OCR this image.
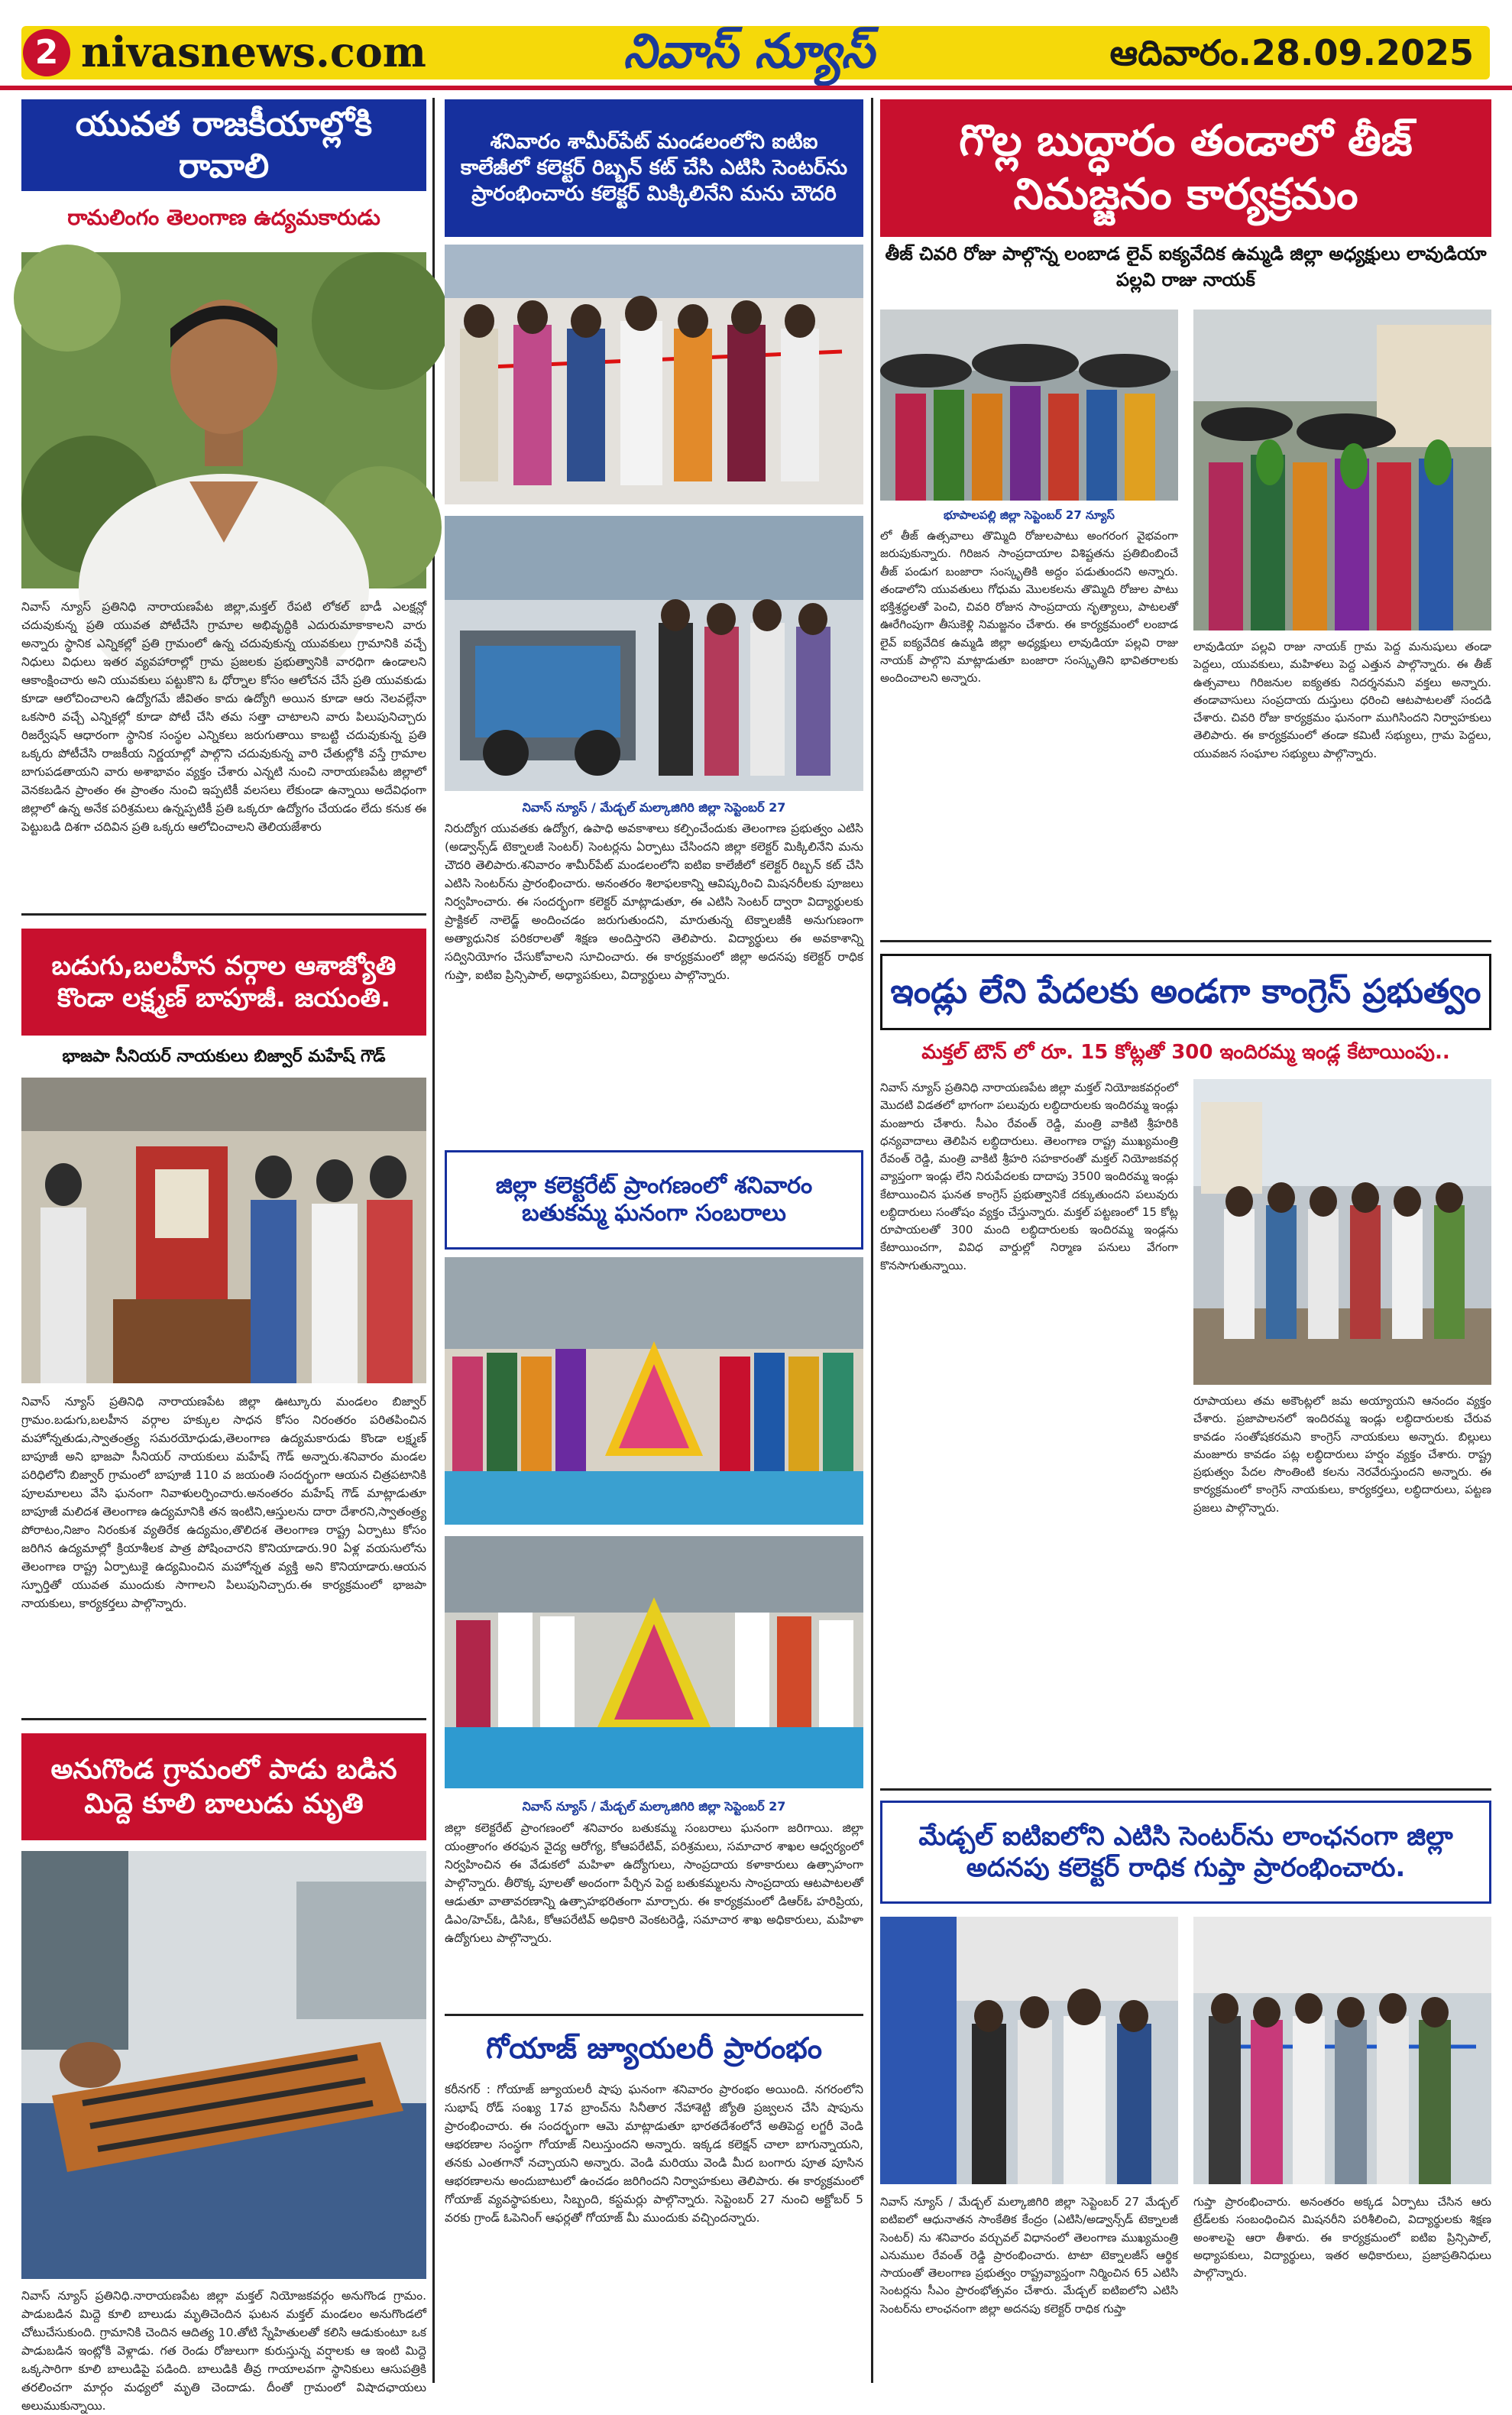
2 nivasnews.com	నివాస్ న్యూస్	ఆదివారం.28.09.2025
యువత రాజకీయాల్లోకి రావాలి
రామలింగం తెలంగాణ ఉద్యమకారుడు
నివాస్ న్యూస్ ప్రతినిధి నారాయణపేట జిల్లా,మక్తల్ రేపటి లోకల్ బాడీ ఎలక్షన్లో చదువుకున్న ప్రతి యువత పోటీచేసి గ్రామాల అభివృద్ధికి ఎదురుమాకాకాలని వారు అన్నారు స్థానిక ఎన్నికల్లో ప్రతి గ్రామంలో ఉన్న చదువుకున్న యువకులు గ్రామానికి వచ్చే నిధులు విధులు ఇతర వ్యవహారాల్లో గ్రామ ప్రజలకు ప్రభుత్వానికి వారధిగా ఉండాలని ఆకాంక్షించారు అని యువకులు పట్టుకొని ఓ ధోర్నాల కోసం ఆలోచన చేసే ప్రతి యువకుడు కూడా ఆలోచించాలని ఉద్యోగమే జీవితం కాదు ఉద్యోగి అయిన కూడా ఆరు నెలవల్లేనా ఒకసారి వచ్చే ఎన్నికల్లో కూడా పోటీ చేసి తమ సత్తా చాటాలని వారు పిలుపునిచ్చారు రిజర్వేషన్ ఆధారంగా స్థానిక సంస్థల ఎన్నికలు జరుగుతాయి కాబట్టి చదువుకున్న ప్రతి ఒక్కరు పోటీచేసి రాజకీయ నిర్ణయాల్లో పాల్గొని చదువుకున్న వారి చేతుల్లోకి వస్తే గ్రామాల బాగుపడతాయని వారు అశాభావం వ్యక్తం చేశారు ఎన్నటి నుంచి నారాయణపేట జిల్లాలో వెనకబడిన ప్రాంతం ఈ ప్రాంతం నుంచి ఇప్పటికీ వలసలు లేకుండా ఉన్నాయి అదేవిధంగా జిల్లాలో ఉన్న అనేక పరిశ్రమలు ఉన్నప్పటికీ ప్రతి ఒక్కరూ ఉద్యోగం చేయడం లేదు కనుక ఈ పెట్టుబడి దిశగా చదివిన ప్రతి ఒక్కరు ఆలోచించాలని తెలియజేశారు
బడుగు,బలహీన వర్గాల ఆశాజ్యోతి కొండా లక్ష్మణ్ బాపూజీ. జయంతి.
భాజపా సీనియర్ నాయకులు బిజ్వార్ మహేష్ గౌడ్
నివాస్ న్యూస్ ప్రతినిధి నారాయణపేట జిల్లా ఊట్కూరు మండలం బిజ్వార్ గ్రామం.బడుగు,బలహీన వర్గాల హక్కుల సాధన కోసం నిరంతరం పరితపించిన మహోన్నతుడు,స్వాతంత్ర్య సమరయోధుడు,తెలంగాణ ఉద్యమకారుడు కొండా లక్ష్మణ్ బాపూజీ అని భాజపా సీనియర్ నాయకులు మహేష్ గౌడ్ అన్నారు.శనివారం మండల పరిధిలోని బిజ్వార్ గ్రామంలో బాపూజీ 110 వ జయంతి సందర్భంగా ఆయన చిత్రపటానికి పూలమాలలు వేసి ఘనంగా నివాళులర్పించారు.అనంతరం మహేష్ గౌడ్ మాట్లాడుతూ బాపూజీ మలిదశ తెలంగాణ ఉద్యమానికి తన ఇంటిని,ఆస్తులను దారా దేశారని,స్వాతంత్ర్య పోరాటం,నిజాం నిరంకుశ వ్యతిరేక ఉద్యమం,తొలిదశ తెలంగాణ రాష్ట్ర ఏర్పాటు కోసం జరిగిన ఉద్యమాల్లో క్రియాశీలక పాత్ర పోషించారని కొనియాడారు.90 ఏళ్ల వయసులోను తెలంగాణ రాష్ట్ర ఏర్పాటుకై ఉద్యమించిన మహోన్నత వ్యక్తి అని కొనియాడారు.ఆయన స్ఫూర్తితో యువత ముందుకు సాగాలని పిలుపునిచ్చారు.ఈ కార్యక్రమంలో భాజపా నాయకులు, కార్యకర్తలు పాల్గొన్నారు.
అనుగొండ గ్రామంలో పాడు బడిన మిద్దె కూలి బాలుడు మృతి
నివాస్ న్యూస్ ప్రతినిధి.నారాయణపేట జిల్లా మక్తల్ నియోజకవర్గం అనుగొండ గ్రామం. పాడుబడిన మిద్దె కూలి బాలుడు మృతిచెందిన ఘటన మక్తల్ మండలం అనుగొండలో చోటుచేసుకుంది. గ్రామానికి చెందిన ఆదిత్య 10.తోటి స్నేహితులతో కలిసి ఆడుకుంటూ ఒక పాడుబడిన ఇంట్లోకి వెళ్లాడు. గత రెండు రోజులుగా కురుస్తున్న వర్షాలకు ఆ ఇంటి మిద్దె ఒక్కసారిగా కూలి బాలుడిపై పడింది. బాలుడికి తీవ్ర గాయాలవగా స్థానికులు ఆసుపత్రికి తరలించగా మార్గం మధ్యలో మృతి చెందాడు. దీంతో గ్రామంలో విషాదఛాయలు అలుముకున్నాయి.
శనివారం శామీర్‌పేట్ మండలంలోని ఐటిఐ కాలేజీలో కలెక్టర్ రిబ్బన్ కట్ చేసి ఎటిసి సెంటర్‌ను ప్రారంభించారు కలెక్టర్ మిక్కిలినేని మను చౌదరి
నివాస్ న్యూస్ / మేడ్చల్ మల్కాజిగిరి జిల్లా సెప్టెంబర్ 27
నిరుద్యోగ యువతకు ఉద్యోగ, ఉపాధి అవకాశాలు కల్పించేందుకు తెలంగాణ ప్రభుత్వం ఎటిసి (అడ్వాన్స్‌డ్ టెక్నాలజీ సెంటర్) సెంటర్లను ఏర్పాటు చేసిందని జిల్లా కలెక్టర్ మిక్కిలినేని మను చౌదరి తెలిపారు.శనివారం శామీర్‌పేట్ మండలంలోని ఐటిఐ కాలేజీలో కలెక్టర్ రిబ్బన్ కట్ చేసి ఎటిసి సెంటర్‌ను ప్రారంభించారు. అనంతరం శిలాఫలకాన్ని ఆవిష్కరించి మిషనరీలకు పూజలు నిర్వహించారు. ఈ సందర్భంగా కలెక్టర్ మాట్లాడుతూ, ఈ ఎటిసి సెంటర్ ద్వారా విద్యార్థులకు ప్రాక్టికల్ నాలెడ్జ్ అందించడం జరుగుతుందని, మారుతున్న టెక్నాలజీకి అనుగుణంగా అత్యాధునిక పరికరాలతో శిక్షణ అందిస్తారని తెలిపారు. విద్యార్థులు ఈ అవకాశాన్ని సద్వినియోగం చేసుకోవాలని సూచించారు. ఈ కార్యక్రమంలో జిల్లా అదనపు కలెక్టర్ రాధిక గుప్తా, ఐటిఐ ప్రిన్సిపాల్, అధ్యాపకులు, విద్యార్థులు పాల్గొన్నారు.
జిల్లా కలెక్టరేట్ ప్రాంగణంలో శనివారం బతుకమ్మ ఘనంగా సంబరాలు
నివాస్ న్యూస్ / మేడ్చల్ మల్కాజిగిరి జిల్లా సెప్టెంబర్ 27
జిల్లా కలెక్టరేట్ ప్రాంగణంలో శనివారం బతుకమ్మ సంబరాలు ఘనంగా జరిగాయి. జిల్లా యంత్రాంగం తరఫున వైద్య ఆరోగ్య, కోఆపరేటివ్, పరిశ్రమలు, సమాచార శాఖల ఆధ్వర్యంలో నిర్వహించిన ఈ వేడుకలో మహిళా ఉద్యోగులు, సాంప్రదాయ కళాకారులు ఉత్సాహంగా పాల్గొన్నారు. తీరొక్క పూలతో అందంగా పేర్చిన పెద్ద బతుకమ్మలను సాంప్రదాయ ఆటపాటలతో ఆడుతూ వాతావరణాన్ని ఉత్సాహభరితంగా మార్చారు. ఈ కార్యక్రమంలో డిఆర్ఓ హరిప్రియ, డిఎం/హెచ్ఓ, డిసిఓ, కోఆపరేటివ్ అధికారి వెంకటరెడ్డి, సమాచార శాఖ అధికారులు, మహిళా ఉద్యోగులు పాల్గొన్నారు.
గోయాజ్ జ్యూయలరీ ప్రారంభం
కరీనగర్ : గోయాజ్ జ్యూయలరీ షాపు ఘనంగా శనివారం ప్రారంభం అయింది. నగరంలోని సుభాష్ రోడ్ సంఖ్య 17వ బ్రాంచ్‌ను సినీతార నేహాశెట్టి జ్యోతి ప్రజ్వలన చేసి షాపును ప్రారంభించారు. ఈ సందర్భంగా ఆమె మాట్లాడుతూ భారతదేశంలోనే అతిపెద్ద లగ్జరీ వెండి ఆభరణాల సంస్థగా గోయాజ్ నిలుస్తుందని అన్నారు. ఇక్కడ కలెక్షన్ చాలా బాగున్నాయని, తనకు ఎంతగానో నచ్చాయని అన్నారు. వెండి మరియు వెండి మీద బంగారు పూత పూసిన ఆభరణాలను అందుబాటులో ఉంచడం జరిగిందని నిర్వాహకులు తెలిపారు. ఈ కార్యక్రమంలో గోయాజ్ వ్యవస్థాపకులు, సిబ్బంది, కస్టమర్లు పాల్గొన్నారు. సెప్టెంబర్ 27 నుంచి అక్టోబర్ 5 వరకు గ్రాండ్ ఓపెనింగ్ ఆఫర్లతో గోయాజ్ మీ ముందుకు వచ్చిందన్నారు.
గొల్ల బుద్ధారం తండాలో తీజ్ నిమజ్జనం కార్యక్రమం
తీజ్ చివరి రోజు పాల్గొన్న లంబాడ లైవ్ ఐక్యవేదిక ఉమ్మడి జిల్లా అధ్యక్షులు లావుడియా పల్లవి రాజు నాయక్
భూపాలపల్లి జిల్లా సెప్టెంబర్ 27 న్యూస్
లో తీజ్ ఉత్సవాలు తొమ్మిది రోజులపాటు అంగరంగ వైభవంగా జరుపుకున్నారు. గిరిజన సాంప్రదాయాల విశిష్టతను ప్రతిబింబించే తీజ్ పండుగ బంజారా సంస్కృతికి అద్దం పడుతుందని అన్నారు. తండాలోని యువతులు గోధుమ మొలకలను తొమ్మిది రోజుల పాటు భక్తిశ్రద్ధలతో పెంచి, చివరి రోజున సాంప్రదాయ నృత్యాలు, పాటలతో ఊరేగింపుగా తీసుకెళ్లి నిమజ్జనం చేశారు. ఈ కార్యక్రమంలో లంబాడ లైవ్ ఐక్యవేదిక ఉమ్మడి జిల్లా అధ్యక్షులు లావుడియా పల్లవి రాజు నాయక్ పాల్గొని మాట్లాడుతూ బంజారా సంస్కృతిని భావితరాలకు అందించాలని అన్నారు.
లావుడియా పల్లవి రాజు నాయక్ గ్రామ పెద్ద మనుషులు తండా పెద్దలు, యువకులు, మహిళలు పెద్ద ఎత్తున పాల్గొన్నారు. ఈ తీజ్ ఉత్సవాలు గిరిజనుల ఐక్యతకు నిదర్శనమని వక్తలు అన్నారు. తండావాసులు సంప్రదాయ దుస్తులు ధరించి ఆటపాటలతో సందడి చేశారు. చివరి రోజు కార్యక్రమం ఘనంగా ముగిసిందని నిర్వాహకులు తెలిపారు. ఈ కార్యక్రమంలో తండా కమిటీ సభ్యులు, గ్రామ పెద్దలు, యువజన సంఘాల సభ్యులు పాల్గొన్నారు.
ఇండ్లు లేని పేదలకు అండగా కాంగ్రెస్ ప్రభుత్వం
మక్తల్ టౌన్ లో రూ. 15 కోట్లతో 300 ఇందిరమ్మ ఇండ్ల కేటాయింపు..
నివాస్ న్యూస్ ప్రతినిధి నారాయణపేట జిల్లా మక్తల్ నియోజకవర్గంలో మొదటి విడతలో భాగంగా పలువురు లబ్ధిదారులకు ఇందిరమ్మ ఇండ్లు మంజూరు చేశారు. సీఎం రేవంత్ రెడ్డి, మంత్రి వాకిటి శ్రీహరికి ధన్యవాదాలు తెలిపిన లబ్ధిదారులు. తెలంగాణ రాష్ట్ర ముఖ్యమంత్రి రేవంత్ రెడ్డి, మంత్రి వాకిటి శ్రీహరి సహకారంతో మక్తల్ నియోజకవర్గ వ్యాప్తంగా ఇండ్లు లేని నిరుపేదలకు దాదాపు 3500 ఇందిరమ్మ ఇండ్లు కేటాయించిన ఘనత కాంగ్రెస్ ప్రభుత్వానికే దక్కుతుందని పలువురు లబ్ధిదారులు సంతోషం వ్యక్తం చేస్తున్నారు. మక్తల్ పట్టణంలో 15 కోట్ల రూపాయలతో 300 మంది లబ్ధిదారులకు ఇందిరమ్మ ఇండ్లను కేటాయించగా, వివిధ వార్డుల్లో నిర్మాణ పనులు వేగంగా కొనసాగుతున్నాయి.
రూపాయలు తమ అకౌంట్లలో జమ అయ్యాయని ఆనందం వ్యక్తం చేశారు. ప్రజాపాలనలో ఇందిరమ్మ ఇండ్లు లబ్ధిదారులకు చేరువ కావడం సంతోషకరమని కాంగ్రెస్ నాయకులు అన్నారు. బిల్లులు మంజూరు కావడం పట్ల లబ్ధిదారులు హర్షం వ్యక్తం చేశారు. రాష్ట్ర ప్రభుత్వం పేదల సొంతింటి కలను నెరవేరుస్తుందని అన్నారు. ఈ కార్యక్రమంలో కాంగ్రెస్ నాయకులు, కార్యకర్తలు, లబ్ధిదారులు, పట్టణ ప్రజలు పాల్గొన్నారు.
మేడ్చల్ ఐటిఐలోని ఎటిసి సెంటర్‌ను లాంఛనంగా జిల్లా అదనపు కలెక్టర్ రాధిక గుప్తా ప్రారంభించారు.
నివాస్ న్యూస్ / మేడ్చల్ మల్కాజిగిరి జిల్లా సెప్టెంబర్ 27 మేడ్చల్ ఐటిఐలో ఆధునాతన సాంకేతిక కేంద్రం (ఎటిసి/అడ్వాన్స్‌డ్ టెక్నాలజీ సెంటర్) ను శనివారం వర్చువల్ విధానంలో తెలంగాణ ముఖ్యమంత్రి ఎనుముల రేవంత్ రెడ్డి ప్రారంభించారు. టాటా టెక్నాలజీస్ ఆర్థిక సాయంతో తెలంగాణ ప్రభుత్వం రాష్ట్రవ్యాప్తంగా నిర్మించిన 65 ఎటిసి సెంటర్లను సీఎం ప్రారంభోత్సవం చేశారు. మేడ్చల్ ఐటిఐలోని ఎటిసి సెంటర్‌ను లాంఛనంగా జిల్లా అదనపు కలెక్టర్ రాధిక గుప్తా
గుప్తా ప్రారంభించారు. అనంతరం అక్కడ ఏర్పాటు చేసిన ఆరు ట్రేడ్‌లకు సంబంధించిన మిషనరీని పరిశీలించి, విద్యార్థులకు శిక్షణ అంశాలపై ఆరా తీశారు. ఈ కార్యక్రమంలో ఐటిఐ ప్రిన్సిపాల్, అధ్యాపకులు, విద్యార్థులు, ఇతర అధికారులు, ప్రజాప్రతినిధులు పాల్గొన్నారు.
